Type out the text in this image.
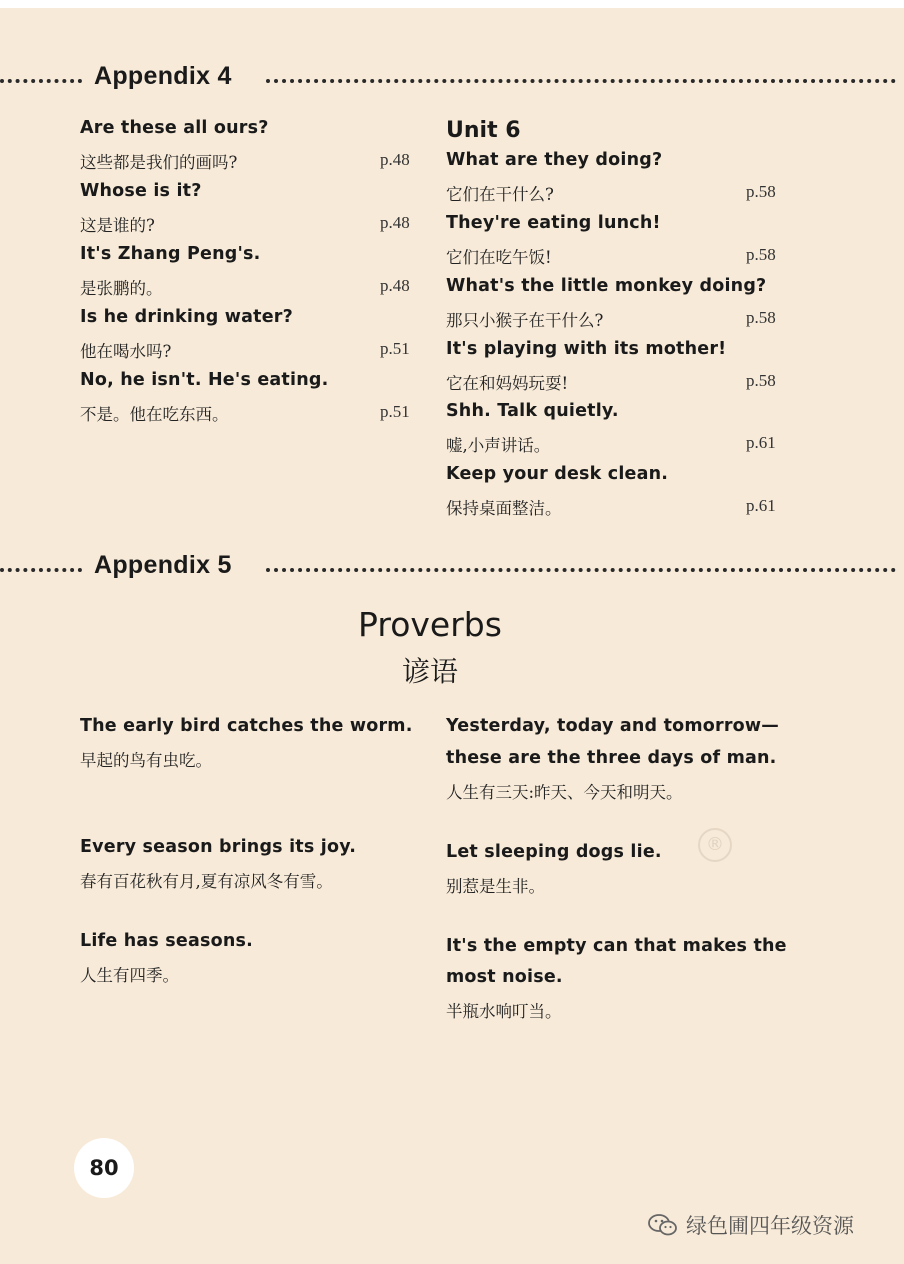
Appendix 4
Are these all ours?
这些都是我们的画吗?	p.48
Whose is it?
这是谁的?	p.48
It's Zhang Peng's.
是张鹏的。	p.48
Is he drinking water?
他在喝水吗?	p.51
No, he isn't. He's eating.
不是。他在吃东西。	p.51
Unit 6
What are they doing?
它们在干什么?	p.58
They're eating lunch!
它们在吃午饭!	p.58
What's the little monkey doing?
那只小猴子在干什么?	p.58
It's playing with its mother!
它在和妈妈玩耍!	p.58
Shh. Talk quietly.
嘘,小声讲话。	p.61
Keep your desk clean.
保持桌面整洁。	p.61
Appendix 5
Proverbs
谚语
The early bird catches the worm.
早起的鸟有虫吃。
Every season brings its joy.
春有百花秋有月,夏有凉风冬有雪。
Life has seasons.
人生有四季。
Yesterday, today and tomorrow—
these are the three days of man.
人生有三天:昨天、今天和明天。
Let sleeping dogs lie.
别惹是生非。
It's the empty can that makes the
most noise.
半瓶水响叮当。
®
80
绿色圃四年级资源
